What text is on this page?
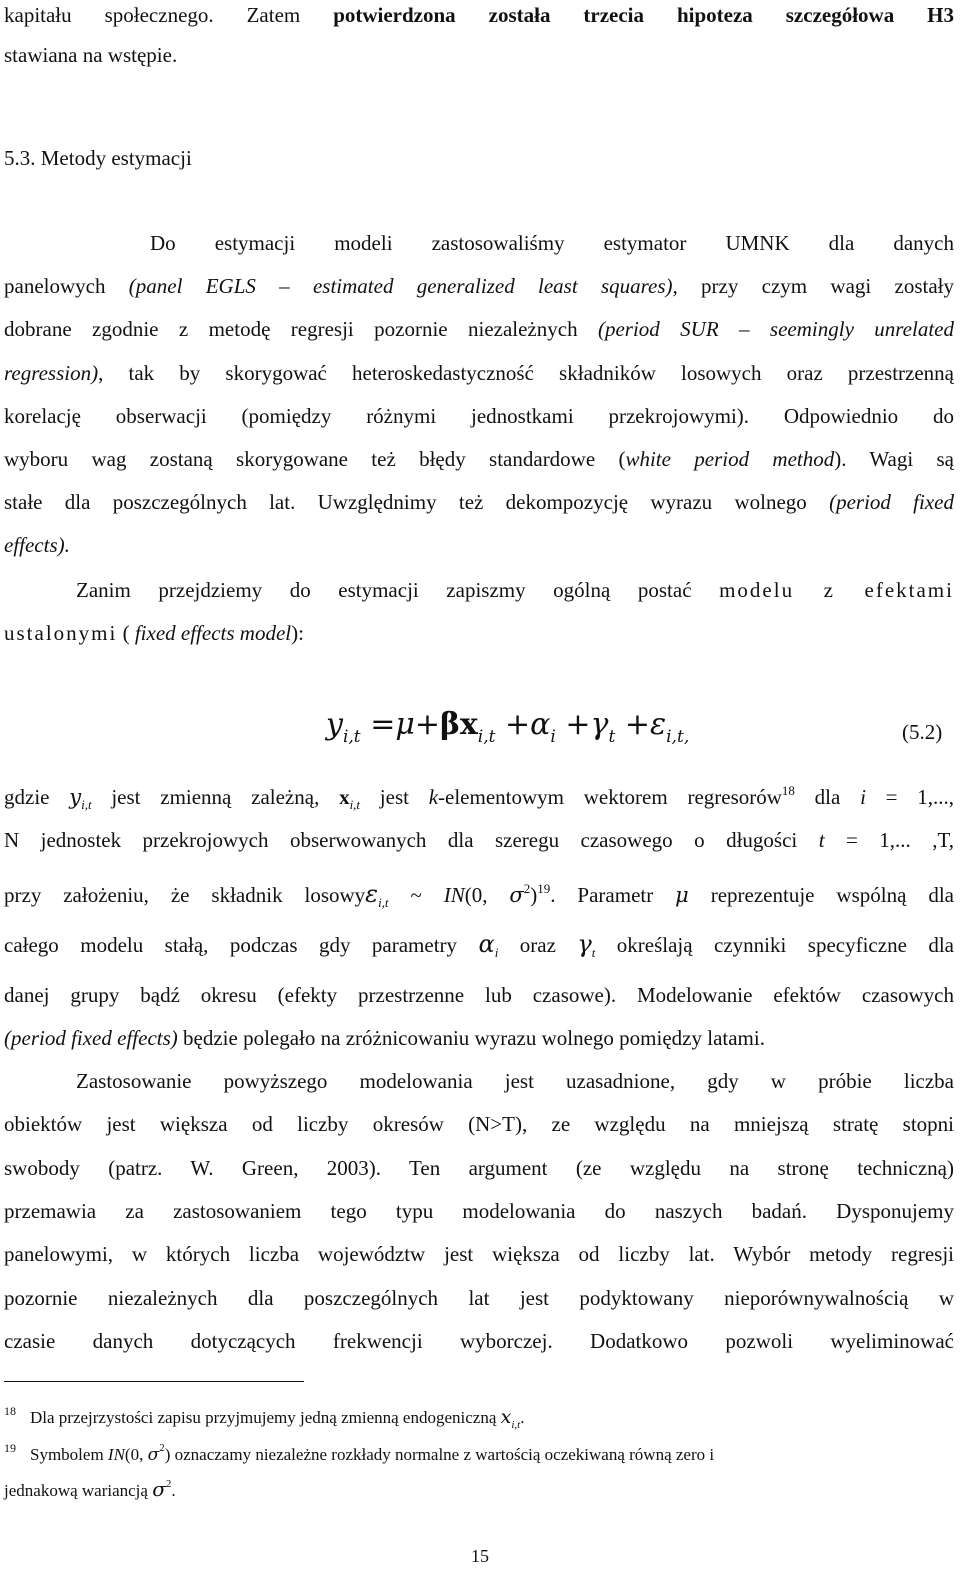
kapitału społecznego. Zatem potwierdzona została trzecia hipoteza szczegółowa H3
stawiana na wstępie.
5.3. Metody estymacji
Do estymacji modeli zastosowaliśmy estymator UMNK dla danych
panelowych (panel EGLS – estimated generalized least squares), przy czym wagi zostały
dobrane zgodnie z metodę regresji pozornie niezależnych (period SUR – seemingly unrelated
regression), tak by skorygować heteroskedastyczność składników losowych oraz przestrzenną
korelację obserwacji (pomiędzy różnymi jednostkami przekrojowymi). Odpowiednio do
wyboru wag zostaną skorygowane też błędy standardowe (white period method). Wagi są
stałe dla poszczególnych lat. Uwzględnimy też dekompozycję wyrazu wolnego (period fixed
effects).
Zanim przejdziemy do estymacji zapiszmy ogólną postać modelu z efektami
ustalonymi ( fixed effects model):
$y_{i,t} =\mu+\beta x_{i,t} +\alpha_i +\gamma_t +\varepsilon_{i,t,}$	(5.2)
gdzie $y_{i,t}$ jest zmienną zależną, $x_{i,t}$ jest k-elementowym wektorem regresorów$^{18}$ dla i = 1,...,
N jednostek przekrojowych obserwowanych dla szeregu czasowego o długości t = 1,... ,T,
przy założeniu, że składnik losowyε$_{i,t}$ ~ IN(0, $\sigma^2)^{19}$. Parametr μ reprezentuje wspólną dla
całego modelu stałą, podczas gdy parametry $\alpha_i$ oraz $\gamma_t$ określają czynniki specyficzne dla
danej grupy bądź okresu (efekty przestrzenne lub czasowe). Modelowanie efektów czasowych
(period fixed effects) będzie polegało na zróżnicowaniu wyrazu wolnego pomiędzy latami.
Zastosowanie powyższego modelowania jest uzasadnione, gdy w próbie liczba
obiektów jest większa od liczby okresów (N>T), ze względu na mniejszą stratę stopni
swobody (patrz. W. Green, 2003). Ten argument (ze względu na stronę techniczną)
przemawia za zastosowaniem tego typu modelowania do naszych badań. Dysponujemy
panelowymi, w których liczba województw jest większa od liczby lat. Wybór metody regresji
pozornie niezależnych dla poszczególnych lat jest podyktowany nieporównywalnością w
czasie danych dotyczących frekwencji wyborczej. Dodatkowo pozwoli wyeliminować
$^{18}$ Dla przejrzystości zapisu przyjmujemy jedną zmienną endogeniczną $x_{i,t}$.
$^{19}$ Symbolem IN(0, $\sigma^2$) oznaczamy niezależne rozkłady normalne z wartością oczekiwaną równą zero i
jednakową wariancją $\sigma^2$.
15
